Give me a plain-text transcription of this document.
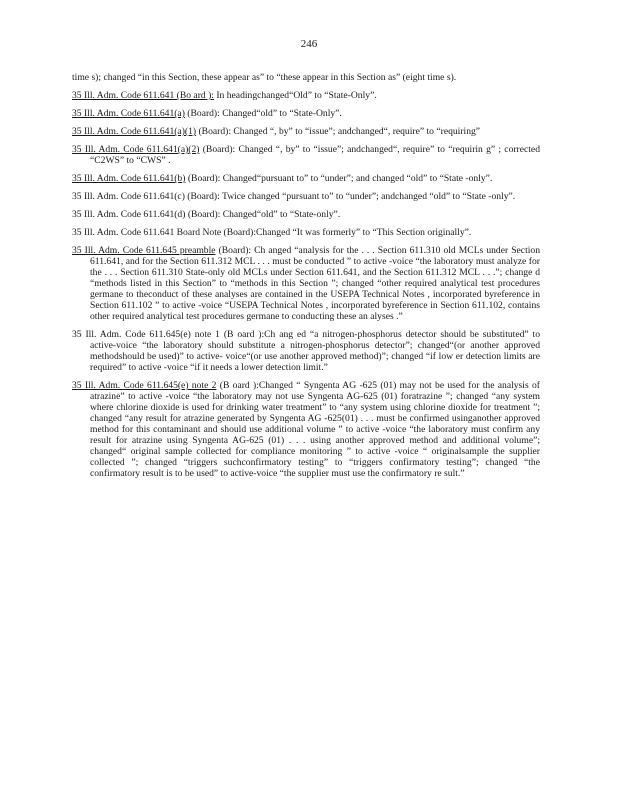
246

time s); changed “in this Section, these appear as” to “these appear in this Section as” (eight time s).

35 Ill. Adm. Code 611.641 (Bo ard ): In headingchanged“Old” to “State-Only”.

35 Ill. Adm. Code 611.641(a) (Board): Changed“old” to “State-Only”.

35 Ill. Adm. Code 611.641(a)(1) (Board): Changed “, by” to “issue”; andchanged“, require” to “requiring”

35 Ill. Adm. Code 611.641(a)(2) (Board): Changed “, by” to “issue”; andchanged“, require” to “requirin g” ; corrected “C2WS” to “CWS” .

35 Ill. Adm. Code 611.641(b) (Board): Changed“pursuant to” to “under”; and changed “old” to “State -only”.

35 Ill. Adm. Code 611.641(c) (Board): Twice changed “pursuant to” to “under”; andchanged “old” to “State -only”.

35 Ill. Adm. Code 611.641(d) (Board): Changed“old” to “State-only”.

35 Ill. Adm. Code 611.641 Board Note (Board):Changed “It was formerly” to “This Section originally”.

35 Ill. Adm. Code 611.645 preamble (Board): Ch anged “analysis for the . . . Section 611.310 old MCLs under Section 611.641, and for the Section 611.312 MCL . . . must be conducted ” to active -voice “the laboratory must analyze for the . . . Section 611.310 State-only old MCLs under Section 611.641, and the Section 611.312 MCL . . .”; change d “methods listed in this Section” to “methods in this Section ”; changed “other required analytical test procedures germane to theconduct of these analyses are contained in the USEPA Technical Notes , incorporated byreference in Section 611.102 ” to active -voice “USEPA Technical Notes , incorporated byreference in Section 611.102, contains other required analytical test procedures germane to conducting these an alyses .”

35 Ill. Adm. Code 611.645(e) note 1 (B oard ):Ch ang ed “a nitrogen-phosphorus detector should be substituted” to active-voice “the laboratory should substitute a nitrogen-phosphorus detector”; changed“(or another approved methodshould be used)” to active- voice“(or use another approved method)”; changed “if low er detection limits are required” to active -voice “if it needs a lower detection limit.”

35 Ill. Adm. Code 611.645(e) note 2 (B oard ):Changed “ Syngenta AG -625 (01) may not be used for the analysis of atrazine” to active -voice “the laboratory may not use Syngenta AG-625 (01) foratrazine ”; changed “any system where chlorine dioxide is used for drinking water treatment” to “any system using chlorine dioxide for treatment ”; changed “any result for atrazine generated by Syngenta AG -625(01) . . . must be confirmed usinganother approved method for this contaminant and should use additional volume ” to active -voice “the laboratory must confirm any result for atrazine using Syngenta AG-625 (01) . . . using another approved method and additional volume”; changed“ original sample collected for compliance monitoring ” to active -voice “ originalsample the supplier collected ”; changed “triggers suchconfirmatory testing” to “triggers confirmatory testing”; changed “the confirmatory result is to be used” to active-voice “the supplier must use the confirmatory re sult.”
